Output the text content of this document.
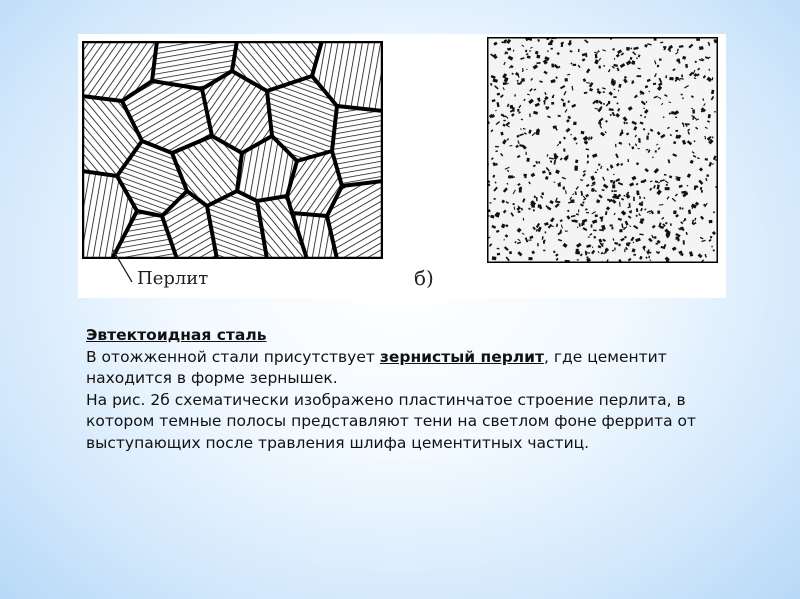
Перлит	б)

Эвтектоидная сталь

В отожженной стали присутствует зернистый перлит, где цементит находится в форме зернышек.

На рис. 2б схематически изображено пластинчатое строение перлита, в котором темные полосы представляют тени на светлом фоне феррита от выступающих после травления шлифа цементитных частиц.
